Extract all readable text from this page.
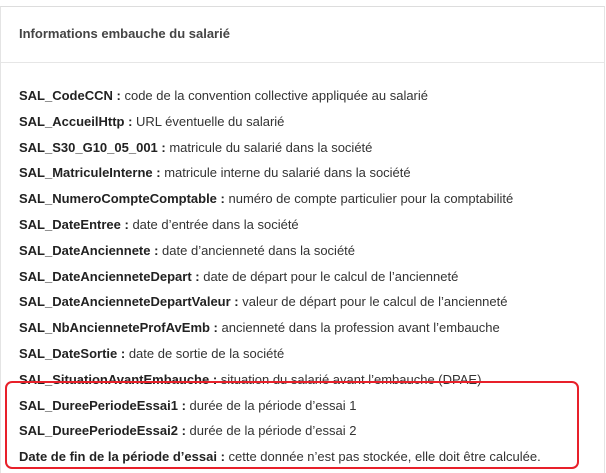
Informations embauche du salarié
SAL_CodeCCN : code de la convention collective appliquée au salarié
SAL_AccueilHttp : URL éventuelle du salarié
SAL_S30_G10_05_001 : matricule du salarié dans la société
SAL_MatriculeInterne : matricule interne du salarié dans la société
SAL_NumeroCompteComptable : numéro de compte particulier pour la comptabilité
SAL_DateEntree : date d’entrée dans la société
SAL_DateAnciennete : date d’ancienneté dans la société
SAL_DateAncienneteDepart : date de départ pour le calcul de l’ancienneté
SAL_DateAncienneteDepartValeur : valeur de départ pour le calcul de l’ancienneté
SAL_NbAncienneteProfAvEmb : ancienneté dans la profession avant l’embauche
SAL_DateSortie : date de sortie de la société
SAL_SituationAvantEmbauche : situation du salarié avant l’embauche (DPAE)
SAL_DureePeriodeEssai1 : durée de la période d’essai 1
SAL_DureePeriodeEssai2 : durée de la période d’essai 2
Date de fin de la période d’essai : cette donnée n’est pas stockée, elle doit être calculée.
